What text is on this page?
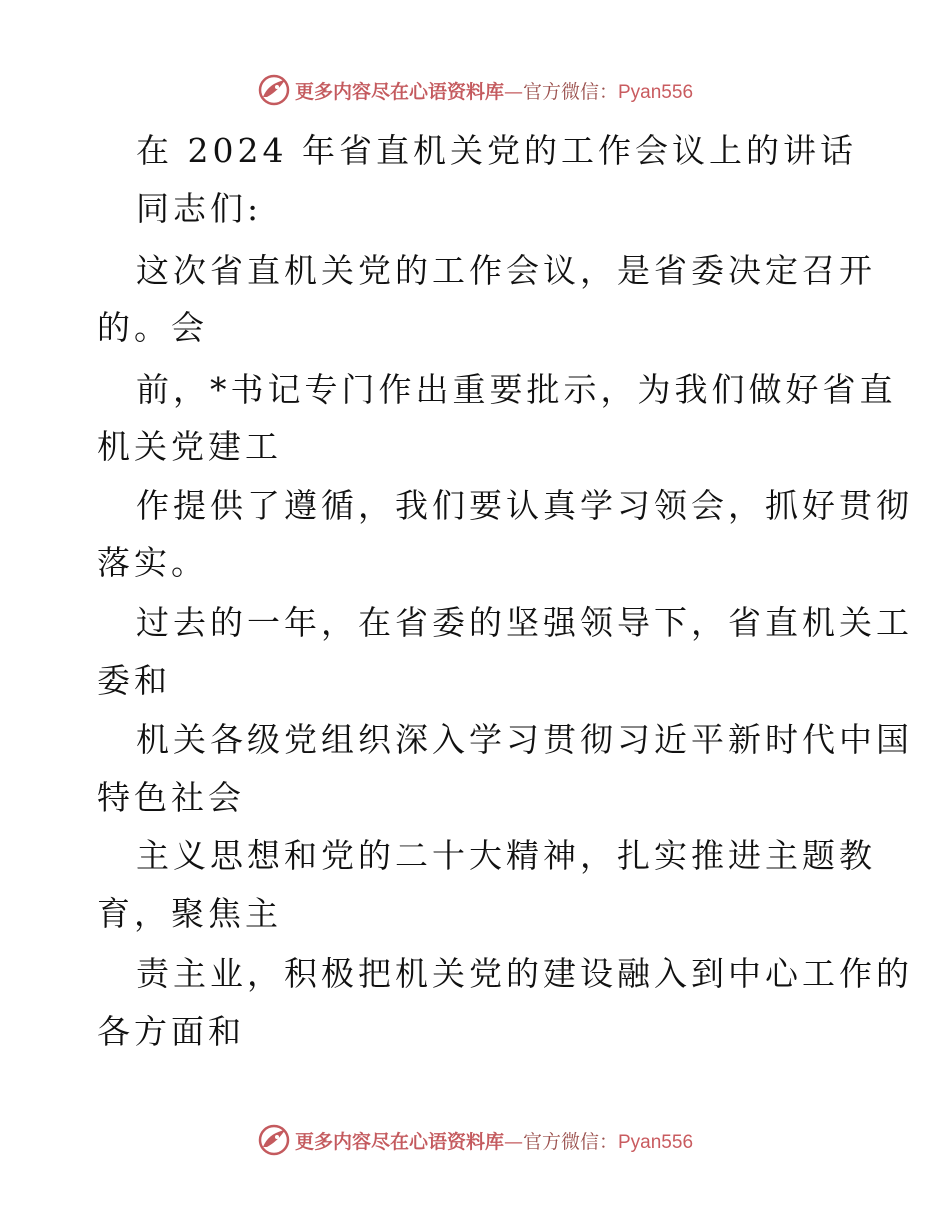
更多内容尽在心语资料库—官方微信：Pyan556
在 2024 年省直机关党的工作会议上的讲话
同志们:
这次省直机关党的工作会议，是省委决定召开
的。会
前，*书记专门作出重要批示，为我们做好省直
机关党建工
作提供了遵循，我们要认真学习领会，抓好贯彻
落实。
过去的一年，在省委的坚强领导下，省直机关工
委和
机关各级党组织深入学习贯彻习近平新时代中国
特色社会
主义思想和党的二十大精神，扎实推进主题教
育，聚焦主
责主业，积极把机关党的建设融入到中心工作的
各方面和
更多内容尽在心语资料库—官方微信：Pyan556
